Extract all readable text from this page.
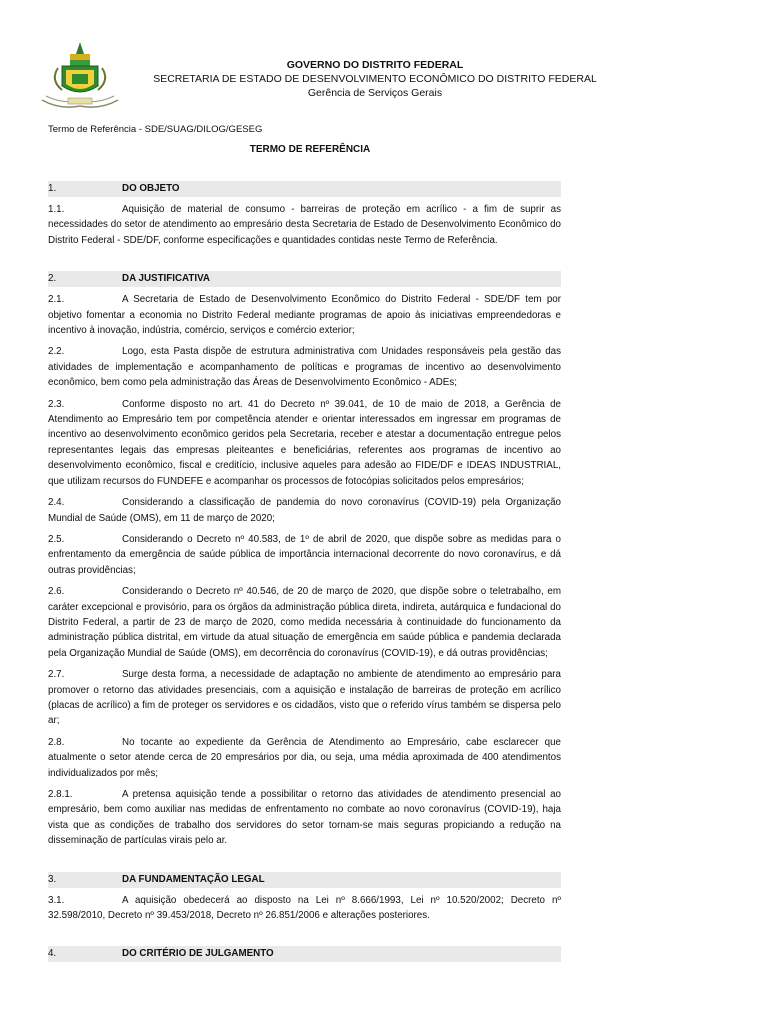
GOVERNO DO DISTRITO FEDERAL
SECRETARIA DE ESTADO DE DESENVOLVIMENTO ECONÔMICO DO DISTRITO FEDERAL
Gerência de Serviços Gerais
Termo de Referência - SDE/SUAG/DILOG/GESEG
TERMO DE REFERÊNCIA
1.	DO OBJETO

1.1.	Aquisição de material de consumo - barreiras de proteção em acrílico - a fim de suprir as necessidades do setor de atendimento ao empresário desta Secretaria de Estado de Desenvolvimento Econômico do Distrito Federal - SDE/DF, conforme especificações e quantidades contidas neste Termo de Referência.

2.	DA JUSTIFICATIVA

2.1.	A Secretaria de Estado de Desenvolvimento Econômico do Distrito Federal - SDE/DF tem por objetivo fomentar a economia no Distrito Federal mediante programas de apoio às iniciativas empreendedoras e incentivo à inovação, indústria, comércio, serviços e comércio exterior;

2.2.	Logo, esta Pasta dispõe de estrutura administrativa com Unidades responsáveis pela gestão das atividades de implementação e acompanhamento de políticas e programas de incentivo ao desenvolvimento econômico, bem como pela administração das Áreas de Desenvolvimento Econômico - ADEs;

2.3.	Conforme disposto no art. 41 do Decreto nº 39.041, de 10 de maio de 2018, a Gerência de Atendimento ao Empresário tem por competência atender e orientar interessados em ingressar em programas de incentivo ao desenvolvimento econômico geridos pela Secretaria, receber e atestar a documentação entregue pelos representantes legais das empresas pleiteantes e beneficiárias, referentes aos programas de incentivo ao desenvolvimento econômico, fiscal e creditício, inclusive aqueles para adesão ao FIDE/DF e IDEAS INDUSTRIAL, que utilizam recursos do FUNDEFE e acompanhar os processos de fotocópias solicitados pelos empresários;

2.4.	Considerando a classificação de pandemia do novo coronavírus (COVID-19) pela Organização Mundial de Saúde (OMS), em 11 de março de 2020;

2.5.	Considerando o Decreto nº 40.583, de 1º de abril de 2020, que dispõe sobre as medidas para o enfrentamento da emergência de saúde pública de importância internacional decorrente do novo coronavírus, e dá outras providências;

2.6.	Considerando o Decreto nº 40.546, de 20 de março de 2020, que dispõe sobre o teletrabalho, em caráter excepcional e provisório, para os órgãos da administração pública direta, indireta, autárquica e fundacional do Distrito Federal, a partir de 23 de março de 2020, como medida necessária à continuidade do funcionamento da administração pública distrital, em virtude da atual situação de emergência em saúde pública e pandemia declarada pela Organização Mundial de Saúde (OMS), em decorrência do coronavírus (COVID-19), e dá outras providências;

2.7.	Surge desta forma, a necessidade de adaptação no ambiente de atendimento ao empresário para promover o retorno das atividades presenciais, com a aquisição e instalação de barreiras de proteção em acrílico (placas de acrílico) a fim de proteger os servidores e os cidadãos, visto que o referido vírus também se dispersa pelo ar;

2.8.	No tocante ao expediente da Gerência de Atendimento ao Empresário, cabe esclarecer que atualmente o setor atende cerca de 20 empresários por dia, ou seja, uma média aproximada de 400 atendimentos individualizados por mês;

2.8.1.	A pretensa aquisição tende a possibilitar o retorno das atividades de atendimento presencial ao empresário, bem como auxiliar nas medidas de enfrentamento no combate ao novo coronavírus (COVID-19), haja vista que as condições de trabalho dos servidores do setor tornam-se mais seguras propiciando a redução na disseminação de partículas virais pelo ar.

3.	DA FUNDAMENTAÇÃO LEGAL

3.1.	A aquisição obedecerá ao disposto na Lei nº 8.666/1993, Lei nº 10.520/2002; Decreto nº 32.598/2010, Decreto nº 39.453/2018, Decreto nº 26.851/2006 e alterações posteriores.

4.	DO CRITÉRIO DE JULGAMENTO
